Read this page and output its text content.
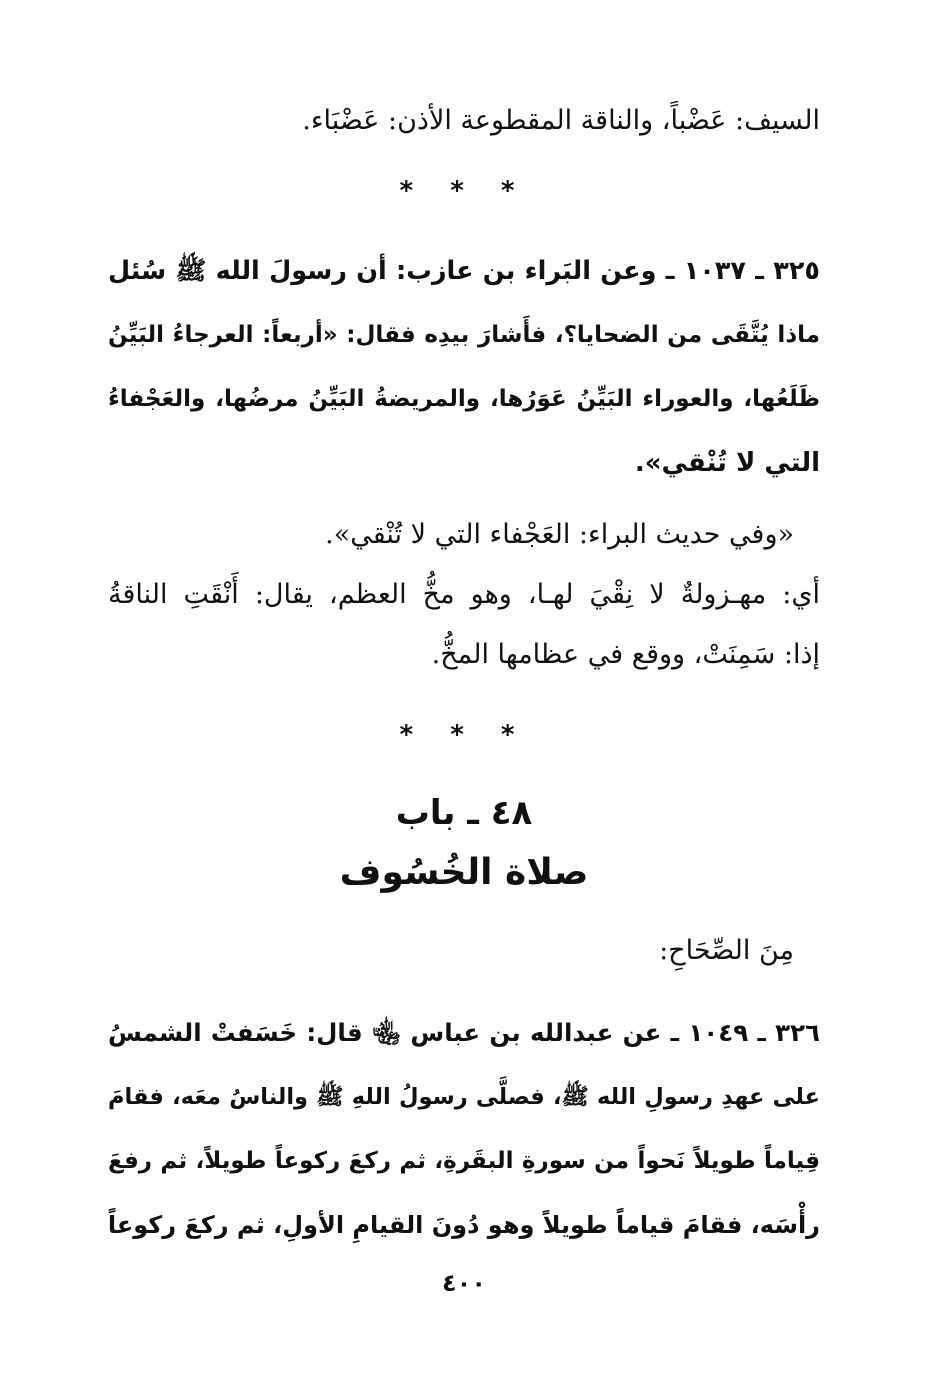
السيف: عَضْباً، والناقة المقطوعة الأذن: عَضْبَاء.
* * *
٣٢٥ ـ ١٠٣٧ ـ وعن البَراء بن عازب: أن رسولَ الله ﷺ سُئل
ماذا يُتَّقَى من الضحايا؟، فأَشارَ بيدِه فقال: «أربعاً: العرجاءُ البَيِّنُ
ظَلَعُها، والعوراء البَيِّنُ عَوَرُها، والمريضةُ البَيِّنُ مرضُها، والعَجْفاءُ
التي لا تُنْقي».
«وفي حديث البراء: العَجْفاء التي لا تُنْقي».
أي: مهـزولةٌ لا نِقْيَ لهـا، وهو مخُّ العظم، يقال: أَنْقَتِ الناقةُ
إذا: سَمِنَتْ، ووقع في عظامها المخُّ.
* * *
٤٨ ـ باب
صلاة الخُسُوف
مِنَ الصِّحَاحِ:
٣٢٦ ـ ١٠٤٩ ـ عن عبدالله بن عباس ﵄ قال: خَسَفتْ الشمسُ
على عهدِ رسولِ الله ﷺ، فصلَّى رسولُ اللهِ ﷺ والناسُ معَه، فقامَ
قِياماً طويلاً نَحواً من سورةِ البقَرةِ، ثم ركعَ ركوعاً طويلاً، ثم رفعَ
رأْسَه، فقامَ قياماً طويلاً وهو دُونَ القيامِ الأولِ، ثم ركعَ ركوعاً
٤٠٠
